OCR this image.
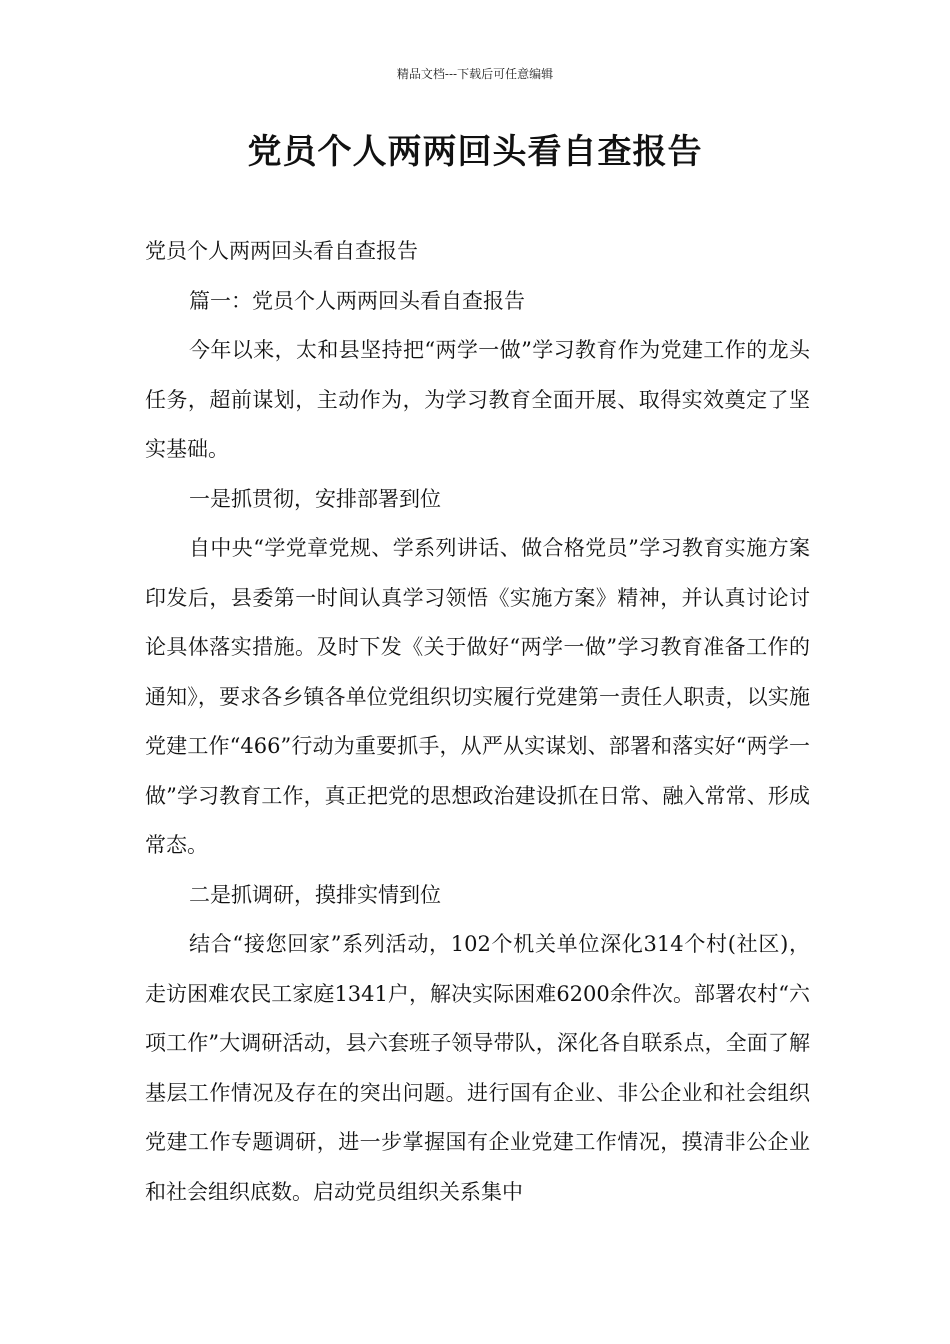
精品文档---下载后可任意编辑
党员个人两两回头看自查报告

党员个人两两回头看自查报告

篇一：党员个人两两回头看自查报告

今年以来，太和县坚持把“两学一做”学习教育作为党建工作的龙头任务，超前谋划，主动作为，为学习教育全面开展、取得实效奠定了坚实基础。

一是抓贯彻，安排部署到位

自中央“学党章党规、学系列讲话、做合格党员”学习教育实施方案印发后，县委第一时间认真学习领悟《实施方案》精神，并认真讨论讨论具体落实措施。及时下发《关于做好“两学一做”学习教育准备工作的通知》，要求各乡镇各单位党组织切实履行党建第一责任人职责，以实施党建工作“466”行动为重要抓手，从严从实谋划、部署和落实好“两学一做”学习教育工作，真正把党的思想政治建设抓在日常、融入常常、形成常态。

二是抓调研，摸排实情到位

结合“接您回家”系列活动，102个机关单位深化314个村(社区)，走访困难农民工家庭1341户，解决实际困难6200余件次。部署农村“六项工作”大调研活动，县六套班子领导带队，深化各自联系点，全面了解基层工作情况及存在的突出问题。进行国有企业、非公企业和社会组织党建工作专题调研，进一步掌握国有企业党建工作情况，摸清非公企业和社会组织底数。启动党员组织关系集中
